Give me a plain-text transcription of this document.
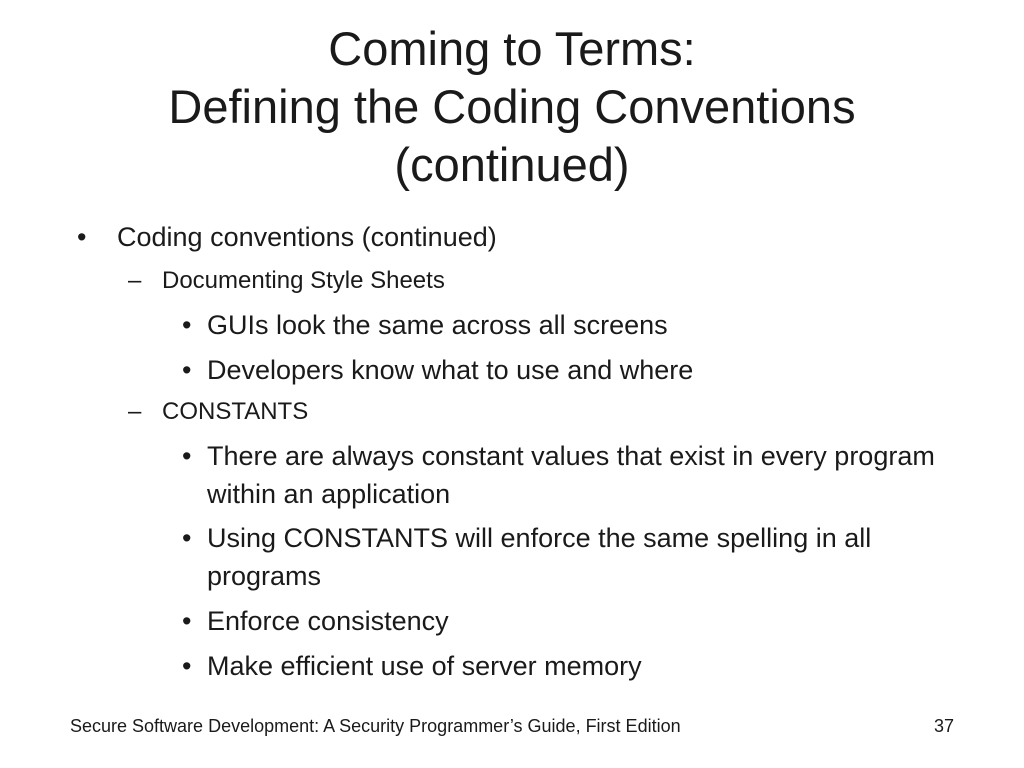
Coming to Terms:
Defining the Coding Conventions
(continued)
• Coding conventions (continued)
– Documenting Style Sheets
• GUIs look the same across all screens
• Developers know what to use and where
– CONSTANTS
• There are always constant values that exist in every program within an application
• Using CONSTANTS will enforce the same spelling in all programs
• Enforce consistency
• Make efficient use of server memory
Secure Software Development: A Security Programmer’s Guide, First Edition	37
